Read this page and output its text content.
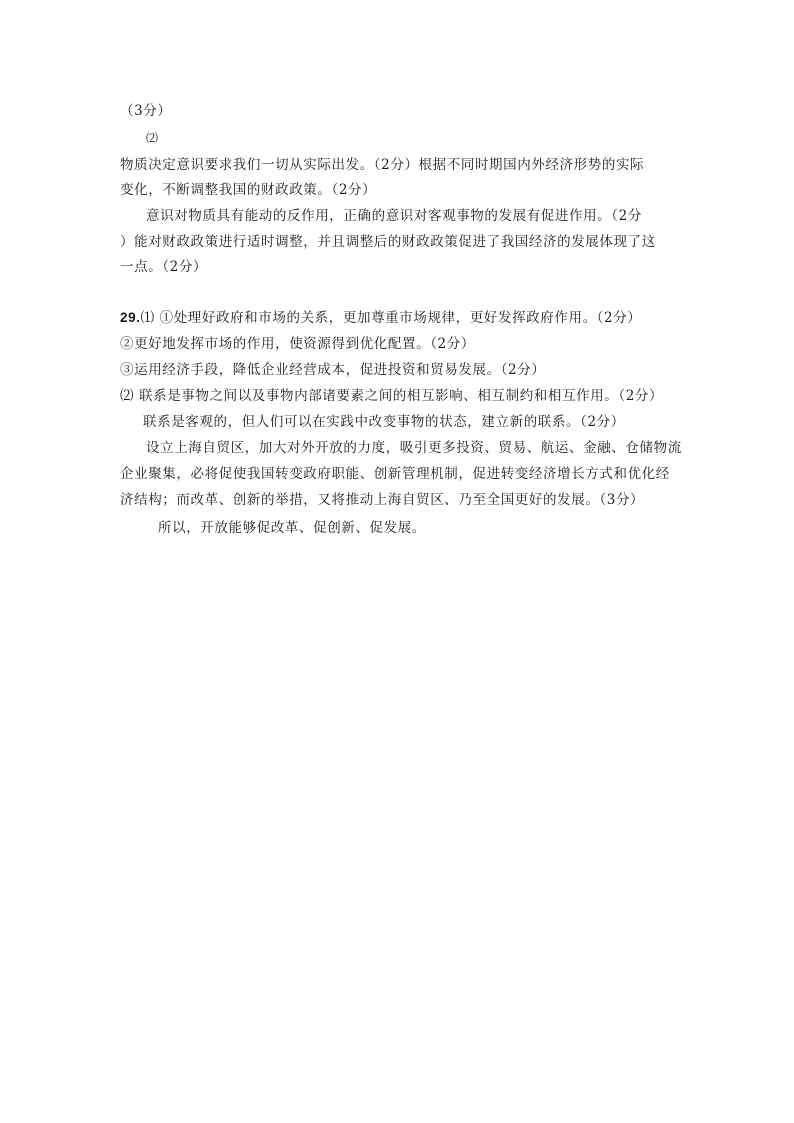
（3分）
⑵
物质决定意识要求我们一切从实际出发。（2分）根据不同时期国内外经济形势的实际
变化，不断调整我国的财政政策。（2分）
意识对物质具有能动的反作用，正确的意识对客观事物的发展有促进作用。（2分
）能对财政政策进行适时调整，并且调整后的财政政策促进了我国经济的发展体现了这
一点。（2分）
29.⑴ ①处理好政府和市场的关系，更加尊重市场规律，更好发挥政府作用。（2分）
②更好地发挥市场的作用，使资源得到优化配置。（2分）
③运用经济手段，降低企业经营成本，促进投资和贸易发展。（2分）
⑵ 联系是事物之间以及事物内部诸要素之间的相互影响、相互制约和相互作用。（2分）
联系是客观的，但人们可以在实践中改变事物的状态，建立新的联系。（2分）
设立上海自贸区，加大对外开放的力度，吸引更多投资、贸易、航运、金融、仓储物流
企业聚集，必将促使我国转变政府职能、创新管理机制，促进转变经济增长方式和优化经
济结构；而改革、创新的举措，又将推动上海自贸区、乃至全国更好的发展。（3分）
所以，开放能够促改革、促创新、促发展。
